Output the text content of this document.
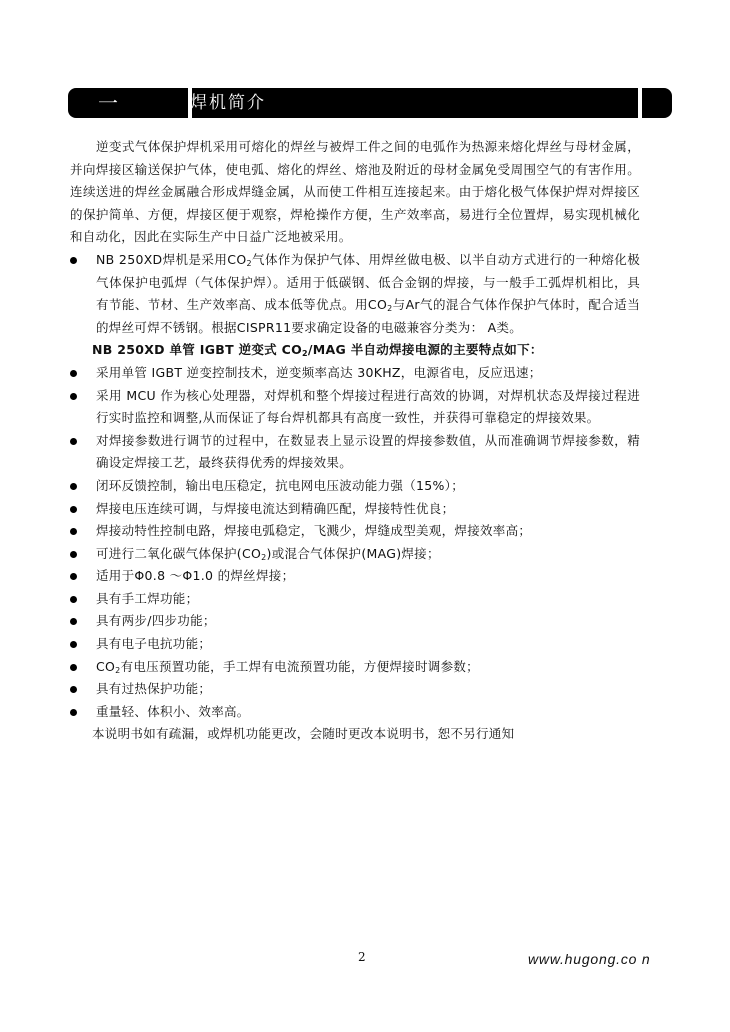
一	焊机简介

逆变式气体保护焊机采用可熔化的焊丝与被焊工件之间的电弧作为热源来熔化焊丝与母材金属，并向焊接区输送保护气体，使电弧、熔化的焊丝、熔池及附近的母材金属免受周围空气的有害作用。连续送进的焊丝金属融合形成焊缝金属，从而使工件相互连接起来。由于熔化极气体保护焊对焊接区的保护简单、方便，焊接区便于观察，焊枪操作方便，生产效率高，易进行全位置焊，易实现机械化和自动化，因此在实际生产中日益广泛地被采用。

NB 250XD焊机是采用$CO_2$气体作为保护气体、用焊丝做电极、以半自动方式进行的一种熔化极气体保护电弧焊（气体保护焊）。适用于低碳钢、低合金钢的焊接，与一般手工弧焊机相比，具有节能、节材、生产效率高、成本低等优点。用$CO_2$与Ar气的混合气体作保护气体时，配合适当的焊丝可焊不锈钢。根据CISPR11要求确定设备的电磁兼容分类为： A类。

NB 250XD 单管 IGBT 逆变式 $CO_2$/MAG 半自动焊接电源的主要特点如下：

采用单管 IGBT 逆变控制技术，逆变频率高达 30KHZ，电源省电，反应迅速；
采用 MCU 作为核心处理器，对焊机和整个焊接过程进行高效的协调，对焊机状态及焊接过程进行实时监控和调整,从而保证了每台焊机都具有高度一致性，并获得可靠稳定的焊接效果。
对焊接参数进行调节的过程中，在数显表上显示设置的焊接参数值，从而准确调节焊接参数，精确设定焊接工艺，最终获得优秀的焊接效果。
闭环反馈控制，输出电压稳定，抗电网电压波动能力强（15%）；
焊接电压连续可调，与焊接电流达到精确匹配，焊接特性优良；
焊接动特性控制电路，焊接电弧稳定，飞溅少，焊缝成型美观，焊接效率高；
可进行二氧化碳气体保护$(CO_2)$或混合气体保护(MAG)焊接；
适用于Φ0.8 ～Φ1.0 的焊丝焊接；
具有手工焊功能；
具有两步/四步功能；
具有电子电抗功能；
$CO_2$有电压预置功能，手工焊有电流预置功能，方便焊接时调参数；
具有过热保护功能；
重量轻、体积小、效率高。

本说明书如有疏漏，或焊机功能更改，会随时更改本说明书，恕不另行通知

2	www.hugong.co n
